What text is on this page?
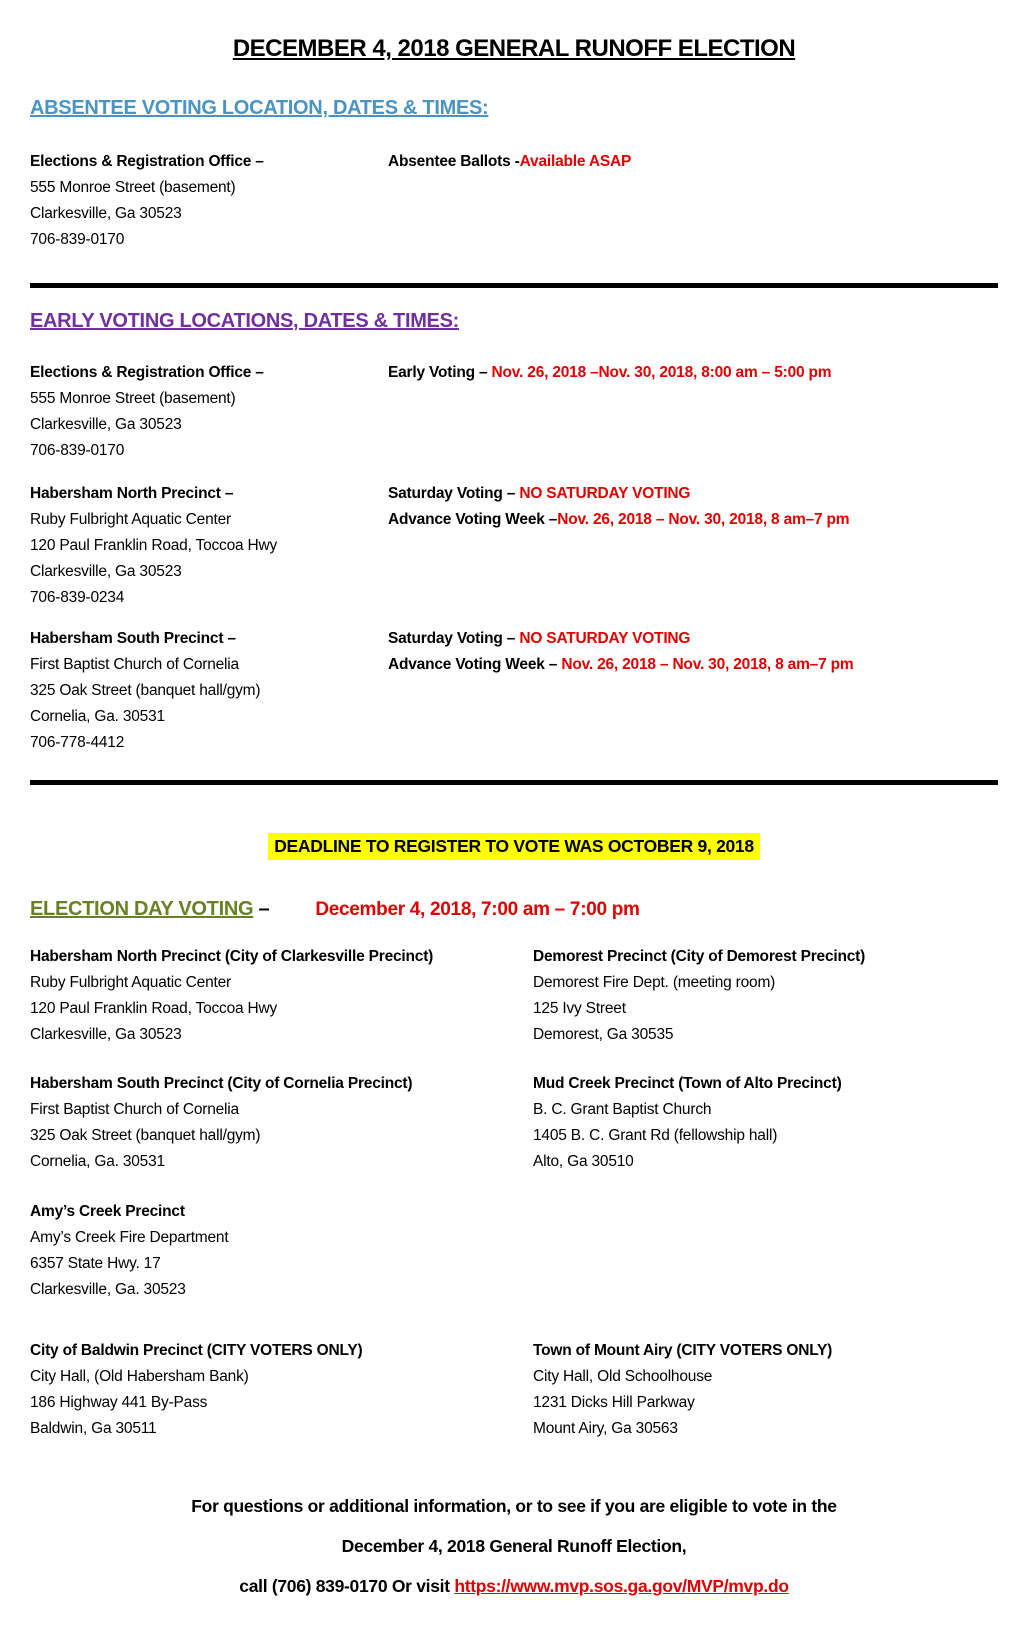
DECEMBER 4, 2018 GENERAL RUNOFF ELECTION
ABSENTEE VOTING LOCATION, DATES & TIMES:
Elections & Registration Office –
555 Monroe Street (basement)
Clarkesville, Ga 30523
706-839-0170
Absentee Ballots -Available ASAP
EARLY VOTING LOCATIONS, DATES & TIMES:
Elections & Registration Office –
555 Monroe Street (basement)
Clarkesville, Ga 30523
706-839-0170
Early Voting – Nov. 26, 2018 –Nov. 30, 2018, 8:00 am – 5:00 pm
Habersham North Precinct –
Ruby Fulbright Aquatic Center
120 Paul Franklin Road, Toccoa Hwy
Clarkesville, Ga 30523
706-839-0234
Saturday Voting – NO SATURDAY VOTING
Advance Voting Week –Nov. 26, 2018 – Nov. 30, 2018, 8 am–7 pm
Habersham South Precinct –
First Baptist Church of Cornelia
325 Oak Street (banquet hall/gym)
Cornelia, Ga. 30531
706-778-4412
Saturday Voting – NO SATURDAY VOTING
Advance Voting Week – Nov. 26, 2018 – Nov. 30, 2018, 8 am–7 pm
DEADLINE TO REGISTER TO VOTE WAS OCTOBER 9, 2018
ELECTION DAY VOTING – December 4, 2018, 7:00 am – 7:00 pm
Habersham North Precinct (City of Clarkesville Precinct)
Ruby Fulbright Aquatic Center
120 Paul Franklin Road, Toccoa Hwy
Clarkesville, Ga 30523
Demorest Precinct (City of Demorest Precinct)
Demorest Fire Dept. (meeting room)
125 Ivy Street
Demorest, Ga 30535
Habersham South Precinct (City of Cornelia Precinct)
First Baptist Church of Cornelia
325 Oak Street (banquet hall/gym)
Cornelia, Ga. 30531
Mud Creek Precinct (Town of Alto Precinct)
B. C. Grant Baptist Church
1405 B. C. Grant Rd (fellowship hall)
Alto, Ga 30510
Amy’s Creek Precinct
Amy’s Creek Fire Department
6357 State Hwy. 17
Clarkesville, Ga. 30523
City of Baldwin Precinct (CITY VOTERS ONLY)
City Hall, (Old Habersham Bank)
186 Highway 441 By-Pass
Baldwin, Ga 30511
Town of Mount Airy (CITY VOTERS ONLY)
City Hall, Old Schoolhouse
1231 Dicks Hill Parkway
Mount Airy, Ga 30563
For questions or additional information, or to see if you are eligible to vote in the
December 4, 2018 General Runoff Election,
call (706) 839-0170 Or visit https://www.mvp.sos.ga.gov/MVP/mvp.do
